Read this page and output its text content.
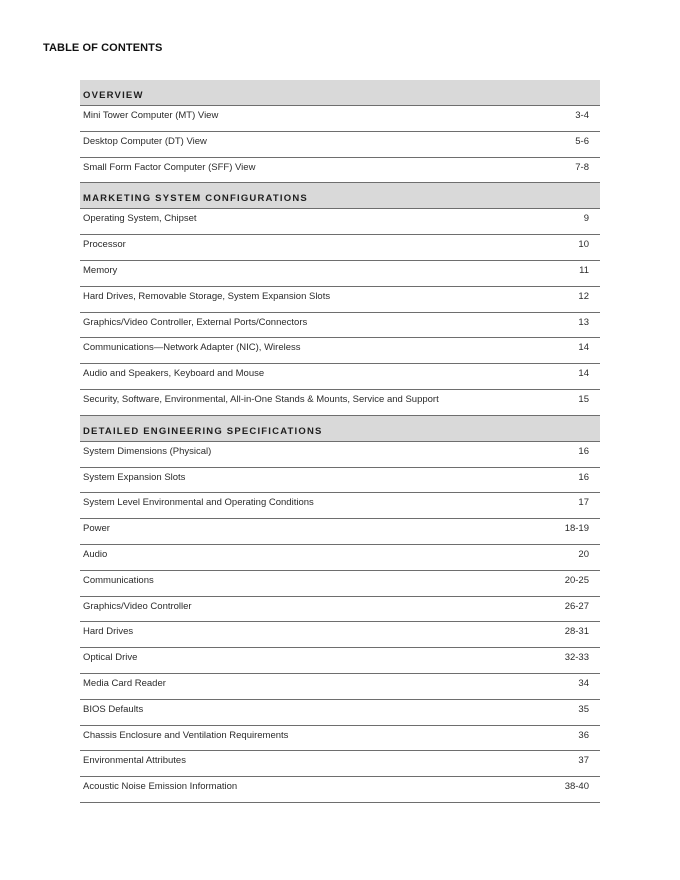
TABLE OF CONTENTS
OVERVIEW
Mini Tower Computer (MT) View	3-4
Desktop Computer (DT) View	5-6
Small Form Factor Computer (SFF) View	7-8
MARKETING SYSTEM CONFIGURATIONS
Operating System, Chipset	9
Processor	10
Memory	11
Hard Drives, Removable Storage, System Expansion Slots	12
Graphics/Video Controller, External Ports/Connectors	13
Communications—Network Adapter (NIC), Wireless	14
Audio and Speakers, Keyboard and Mouse	14
Security, Software, Environmental, All-in-One Stands & Mounts, Service and Support	15
DETAILED ENGINEERING SPECIFICATIONS
System Dimensions (Physical)	16
System Expansion Slots	16
System Level Environmental and Operating Conditions	17
Power	18-19
Audio	20
Communications	20-25
Graphics/Video Controller	26-27
Hard Drives	28-31
Optical Drive	32-33
Media Card Reader	34
BIOS Defaults	35
Chassis Enclosure and Ventilation Requirements	36
Environmental Attributes	37
Acoustic Noise Emission Information	38-40
